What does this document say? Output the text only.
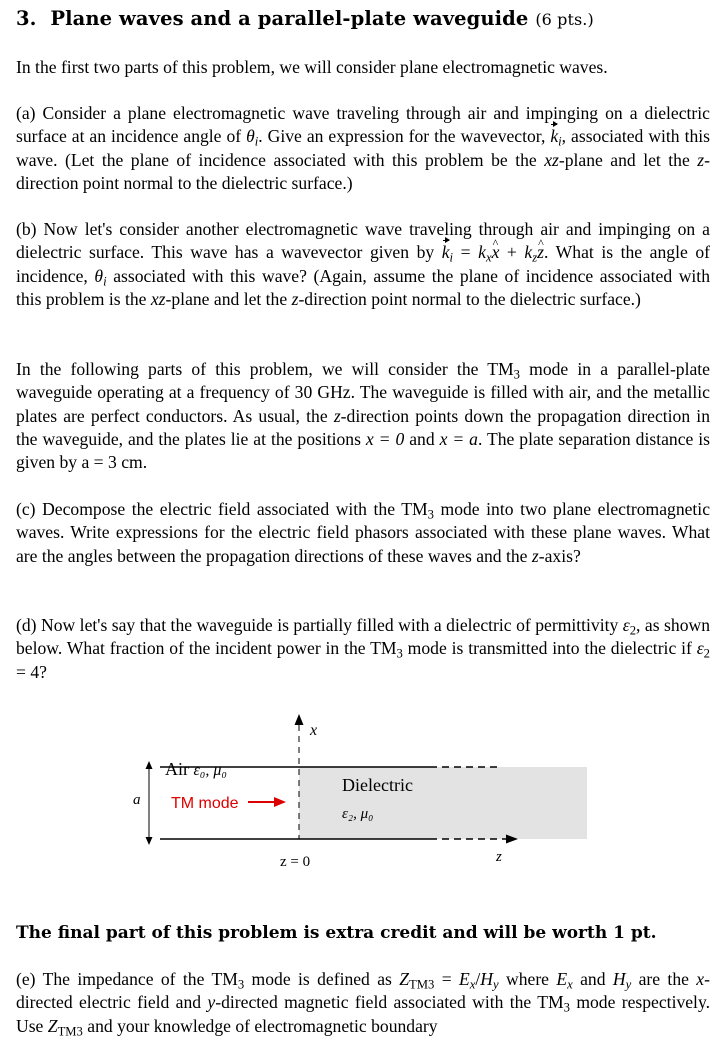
3. Plane waves and a parallel-plate waveguide (6 pts.)

In the first two parts of this problem, we will consider plane electromagnetic waves.

(a) Consider a plane electromagnetic wave traveling through air and impinging on a dielectric surface at an incidence angle of $\theta_i$. Give an expression for the wavevector, $k_i$, associated with this wave. (Let the plane of incidence associated with this problem be the xz-plane and let the z-direction point normal to the dielectric surface.)

(b) Now let's consider another electromagnetic wave traveling through air and impinging on a dielectric surface. This wave has a wavevector given by $k_i = k_xx$ ^ + $k_zz$ ^. What is the angle of incidence, $\theta_i$ associated with this wave? (Again, assume the plane of incidence associated with this problem is the xz-plane and let the z-direction point normal to the dielectric surface.)

In the following parts of this problem, we will consider the $TM_3$ mode in a parallel-plate waveguide operating at a frequency of 30 GHz. The waveguide is filled with air, and the metallic plates are perfect conductors. As usual, the z-direction points down the propagation direction in the waveguide, and the plates lie at the positions x = 0 and x = a. The plate separation distance is given by a = 3 cm.

(c) Decompose the electric field associated with the $TM_3$ mode into two plane electromagnetic waves. Write expressions for the electric field phasors associated with these plane waves. What are the angles between the propagation directions of these waves and the z-axis?

(d) Now let's say that the waveguide is partially filled with a dielectric of permittivity $\varepsilon_2$, as shown below. What fraction of the incident power in the $TM_3$ mode is transmitted into the dielectric if $\varepsilon_2 = 4$?

The final part of this problem is extra credit and will be worth 1 pt.

(e) The impedance of the $TM_3$ mode is defined as $Z_{TM3} = E_x/H_y$ where $E_x$ and $H_y$ are the x-directed electric field and y-directed magnetic field associated with the $TM_3$ mode respectively. Use $Z_{TM3}$ and your knowledge of electromagnetic boundary

x
z
z = 0
a
Air ε₀, μ₀
TM mode
Dielectric
ε₂, μ₀
